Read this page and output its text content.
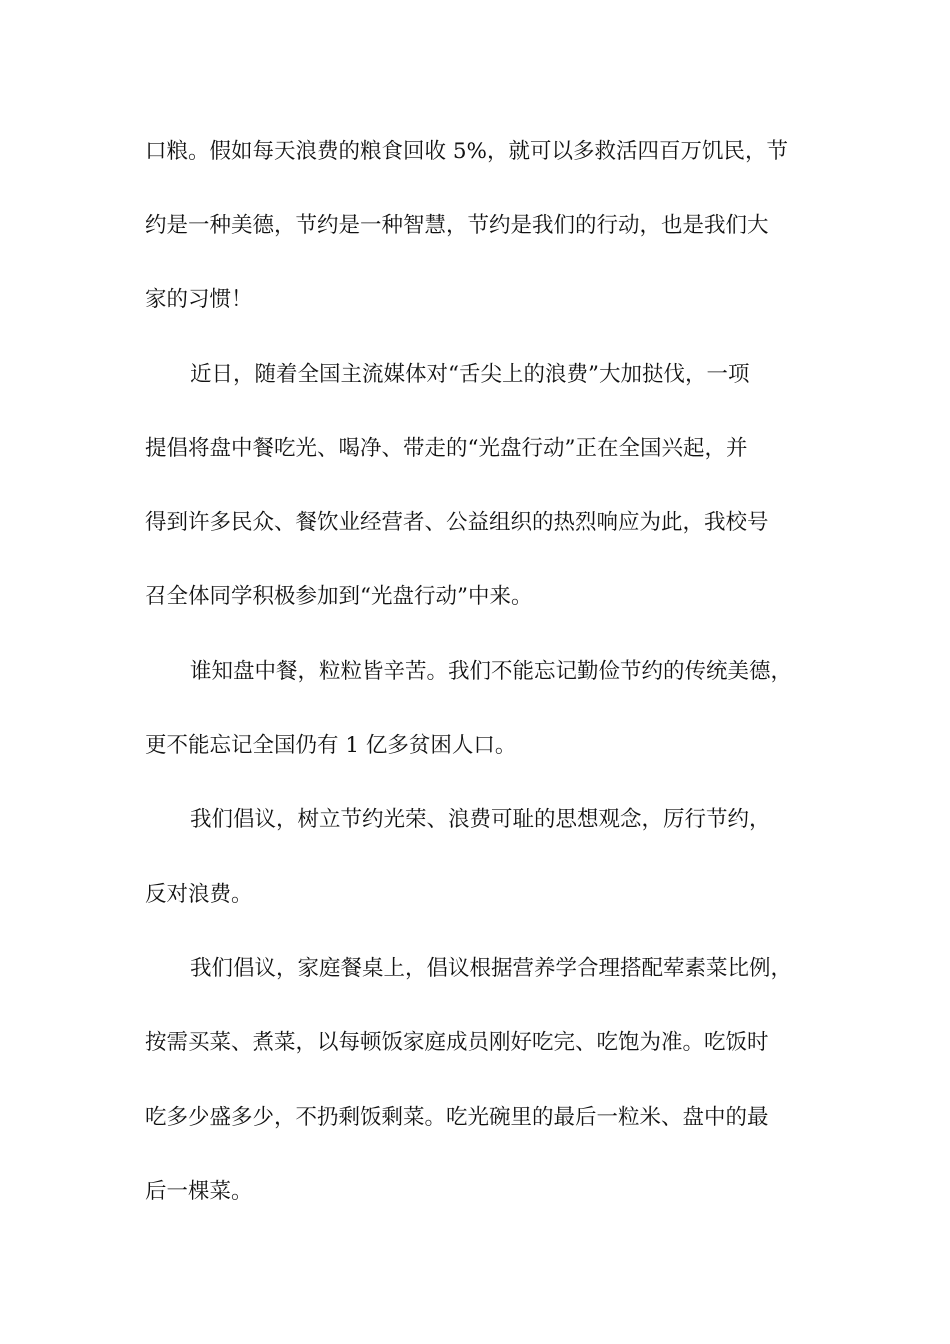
口粮。假如每天浪费的粮食回收 5%，就可以多救活四百万饥民，节
约是一种美德，节约是一种智慧，节约是我们的行动，也是我们大
家的习惯！
近日，随着全国主流媒体对“舌尖上的浪费”大加挞伐，一项
提倡将盘中餐吃光、喝净、带走的“光盘行动”正在全国兴起，并
得到许多民众、餐饮业经营者、公益组织的热烈响应为此，我校号
召全体同学积极参加到“光盘行动”中来。
谁知盘中餐，粒粒皆辛苦。我们不能忘记勤俭节约的传统美德，
更不能忘记全国仍有 1 亿多贫困人口。
我们倡议，树立节约光荣、浪费可耻的思想观念，厉行节约，
反对浪费。
我们倡议，家庭餐桌上，倡议根据营养学合理搭配荤素菜比例，
按需买菜、煮菜，以每顿饭家庭成员刚好吃完、吃饱为准。吃饭时
吃多少盛多少，不扔剩饭剩菜。吃光碗里的最后一粒米、盘中的最
后一棵菜。
